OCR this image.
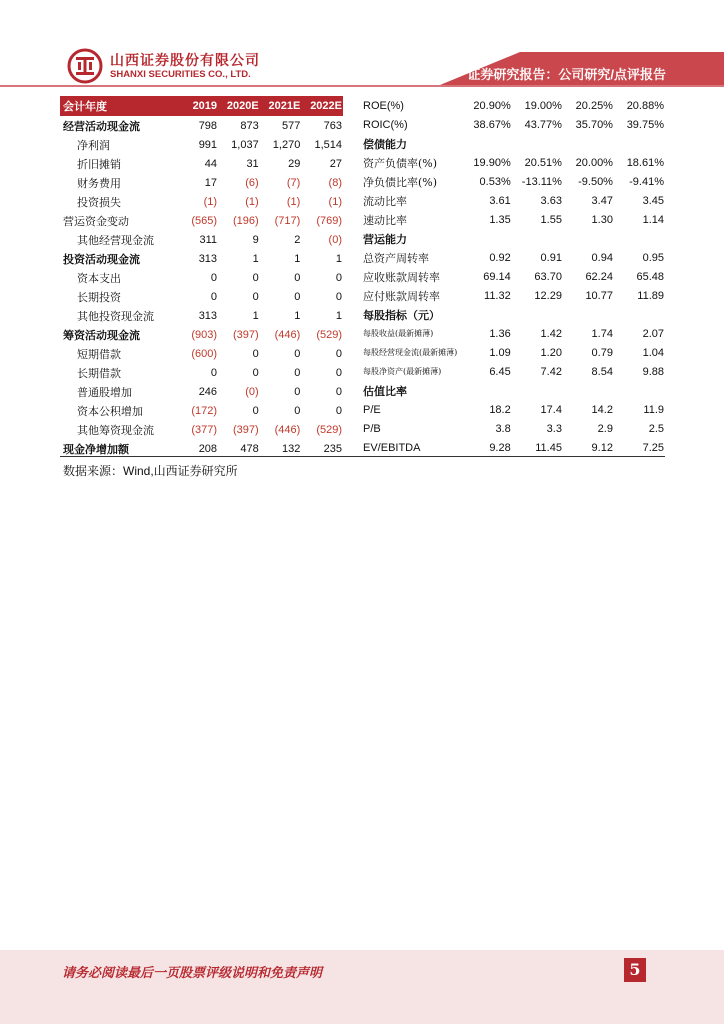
山西证券股份有限公司
SHANXI SECURITIES CO., LTD.	证券研究报告：公司研究/点评报告
会计年度	2019	2020E	2021E	2022E
经营活动现金流	798	873	577	763
净利润	991	1,037	1,270	1,514
折旧摊销	44	31	29	27
财务费用	17	(6)	(7)	(8)
投资损失	(1)	(1)	(1)	(1)
营运资金变动	(565)	(196)	(717)	(769)
其他经营现金流	311	9	2	(0)
投资活动现金流	313	1	1	1
资本支出	0	0	0	0
长期投资	0	0	0	0
其他投资现金流	313	1	1	1
筹资活动现金流	(903)	(397)	(446)	(529)
短期借款	(600)	0	0	0
长期借款	0	0	0	0
普通股增加	246	(0)	0	0
资本公积增加	(172)	0	0	0
其他筹资现金流	(377)	(397)	(446)	(529)
现金净增加额	208	478	132	235
ROE(%)	20.90%	19.00%	20.25%	20.88%
ROIC(%)	38.67%	43.77%	35.70%	39.75%
偿债能力				
资产负债率(%)	19.90%	20.51%	20.00%	18.61%
净负债比率(%)	0.53%	-13.11%	-9.50%	-9.41%
流动比率	3.61	3.63	3.47	3.45
速动比率	1.35	1.55	1.30	1.14
营运能力				
总资产周转率	0.92	0.91	0.94	0.95
应收账款周转率	69.14	63.70	62.24	65.48
应付账款周转率	11.32	12.29	10.77	11.89
每股指标（元）				
每股收益(最新摊薄)	1.36	1.42	1.74	2.07
每股经营现金流(最新摊薄)	1.09	1.20	0.79	1.04
每股净资产(最新摊薄)	6.45	7.42	8.54	9.88
估值比率				
P/E	18.2	17.4	14.2	11.9
P/B	3.8	3.3	2.9	2.5
EV/EBITDA	9.28	11.45	9.12	7.25
数据来源：Wind,山西证券研究所
请务必阅读最后一页股票评级说明和免责声明	5
